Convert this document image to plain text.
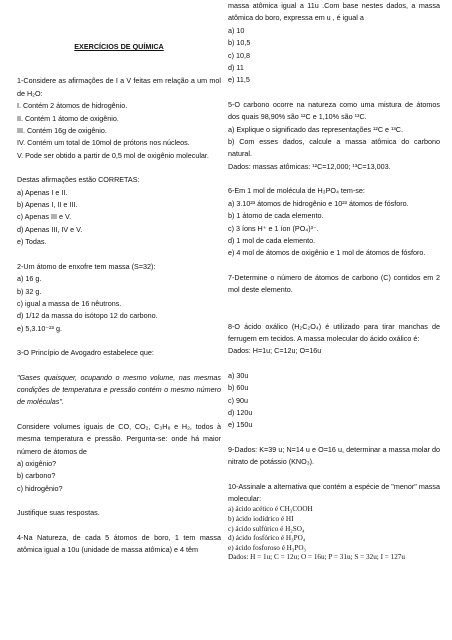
EXERCÍCIOS DE QUÍMICA

1-Considere as afirmações de I a V feitas em relação a um mol de H₂O:

I. Contém 2 átomos de hidrogênio.

II. Contém 1 átomo de oxigênio.

III. Contém 16g de oxigênio.

IV. Contém um total de 10mol de prótons nos núcleos.

V. Pode ser obtido a partir de 0,5 mol de oxigênio molecular.

Destas afirmações estão CORRETAS:

a) Apenas I e II.

b) Apenas I, II e III.

c) Apenas III e V.

d) Apenas III, IV e V.

e) Todas.

2-Um átomo de enxofre tem massa (S=32):

a) 16 g.

b) 32 g.

c) igual a massa de 16 nêutrons.

d) 1/12 da massa do isótopo 12 do carbono.

e) 5,3.10⁻²³ g.

3-O Princípio de Avogadro estabelece que:

"Gases quaisquer, ocupando o mesmo volume, nas mesmas condições de temperatura e pressão contém o mesmo número de moléculas".

Considere volumes iguais de CO, CO₂, C₃H₈ e H₂, todos à mesma temperatura e pressão. Pergunta-se: onde há maior número de átomos de

a) oxigênio?

b) carbono?

c) hidrogênio?

Justifique suas respostas.

4-Na Natureza, de cada 5 átomos de boro, 1 tem massa atômica igual a 10u (unidade de massa atômica) e 4 têm

massa atômica igual a 11u .Com base nestes dados, a massa atômica do boro, expressa em u , é igual a

a) 10

b) 10,5

c) 10,8

d) 11

e) 11,5

5-O carbono ocorre na natureza como uma mistura de átomos dos quais 98,90% são ¹²C e 1,10% são ¹³C.

a) Explique o significado das representações ¹²C e ¹³C.

b) Com esses dados, calcule a massa atômica do carbono natural.

Dados: massas atômicas: ¹²C=12,000; ¹³C=13,003.

6-Em 1 mol de molécula de H₃PO₄ tem-se:

a) 3.10²³ átomos de hidrogênio e 10²³ átomos de fósforo.

b) 1 átomo de cada elemento.

c) 3 íons H⁺ e 1 íon (PO₄)³⁻.

d) 1 mol de cada elemento.

e) 4 mol de átomos de oxigênio e 1 mol de átomos de fósforo.

7-Determine o número de átomos de carbono (C) contidos em 2 mol deste elemento.

8-O ácido oxálico (H₂C₂O₄) é utilizado para tirar manchas de ferrugem em tecidos. A massa molecular do ácido oxálico é:

Dados: H=1u; C=12u; O=16u

a) 30u

b) 60u

c) 90u

d) 120u

e) 150u

9-Dados: K=39 u; N=14 u e O=16 u, determinar a massa molar do nitrato de potássio (KNO₃).

10-Assinale a alternativa que contém a espécie de "menor" massa molecular:

a) ácido acético é CH₃COOH

b) ácido iodídrico é HI

c) ácido sulfúrico é H₂SO₄

d) ácido fosfórico é H₃PO₄

e) ácido fosforoso é H₃PO₃

Dados: H = 1u; C = 12u; O = 16u; P = 31u; S = 32u; I = 127u
